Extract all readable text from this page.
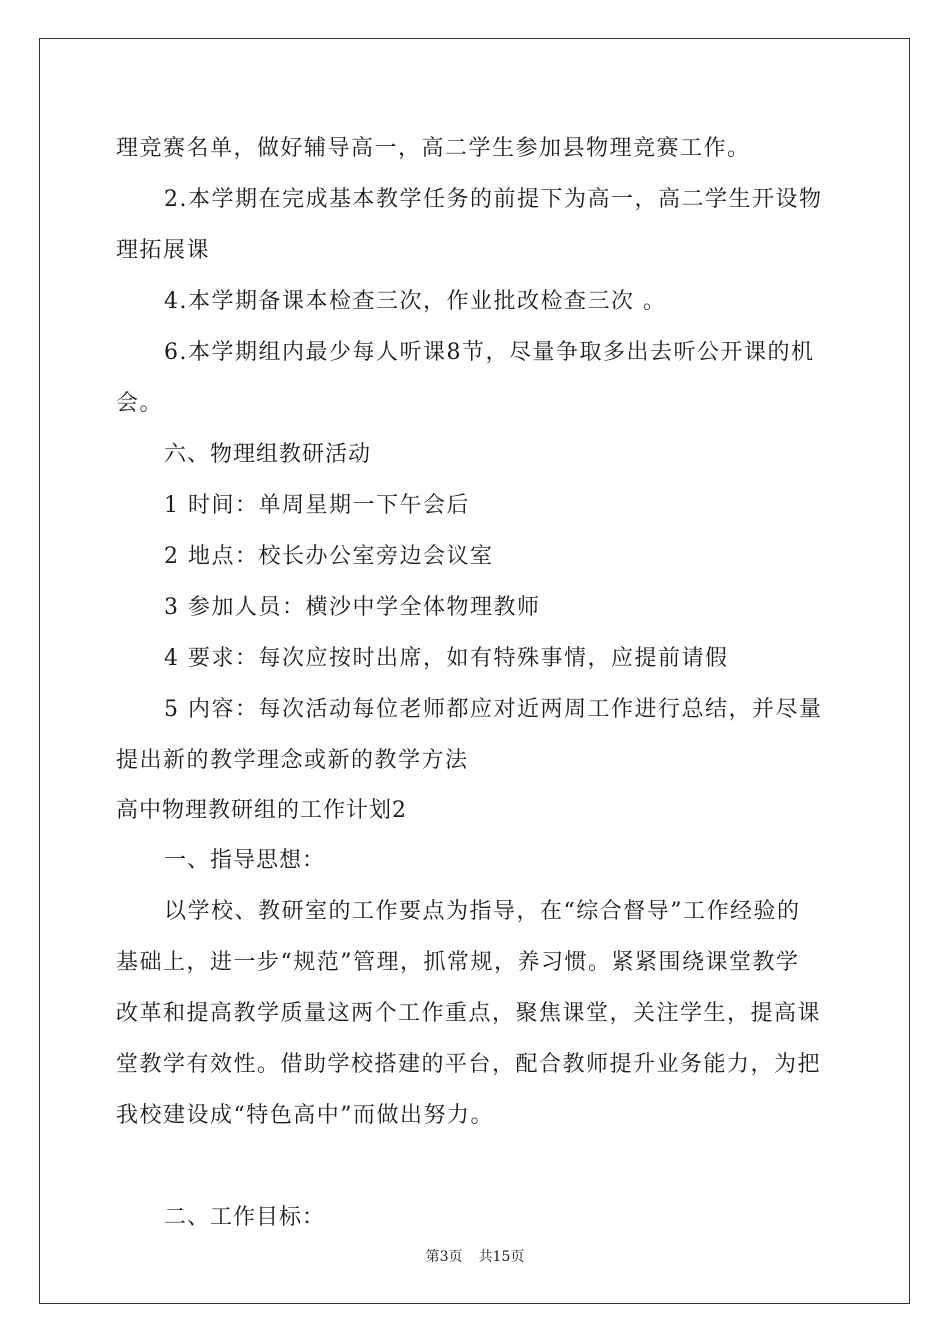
理竞赛名单，做好辅导高一，高二学生参加县物理竞赛工作。
2.本学期在完成基本教学任务的前提下为高一，高二学生开设物
理拓展课
4.本学期备课本检查三次，作业批改检查三次 。
6.本学期组内最少每人听课8节，尽量争取多出去听公开课的机
会。
六、物理组教研活动
1 时间：单周星期一下午会后
2 地点：校长办公室旁边会议室
3 参加人员：横沙中学全体物理教师
4 要求：每次应按时出席，如有特殊事情，应提前请假
5 内容：每次活动每位老师都应对近两周工作进行总结，并尽量
提出新的教学理念或新的教学方法
高中物理教研组的工作计划2
一、指导思想：
以学校、教研室的工作要点为指导，在“综合督导”工作经验的
基础上，进一步“规范”管理，抓常规，养习惯。紧紧围绕课堂教学
改革和提高教学质量这两个工作重点，聚焦课堂，关注学生，提高课
堂教学有效性。借助学校搭建的平台，配合教师提升业务能力，为把
我校建设成“特色高中”而做出努力。
二、工作目标：
第3页 共15页
